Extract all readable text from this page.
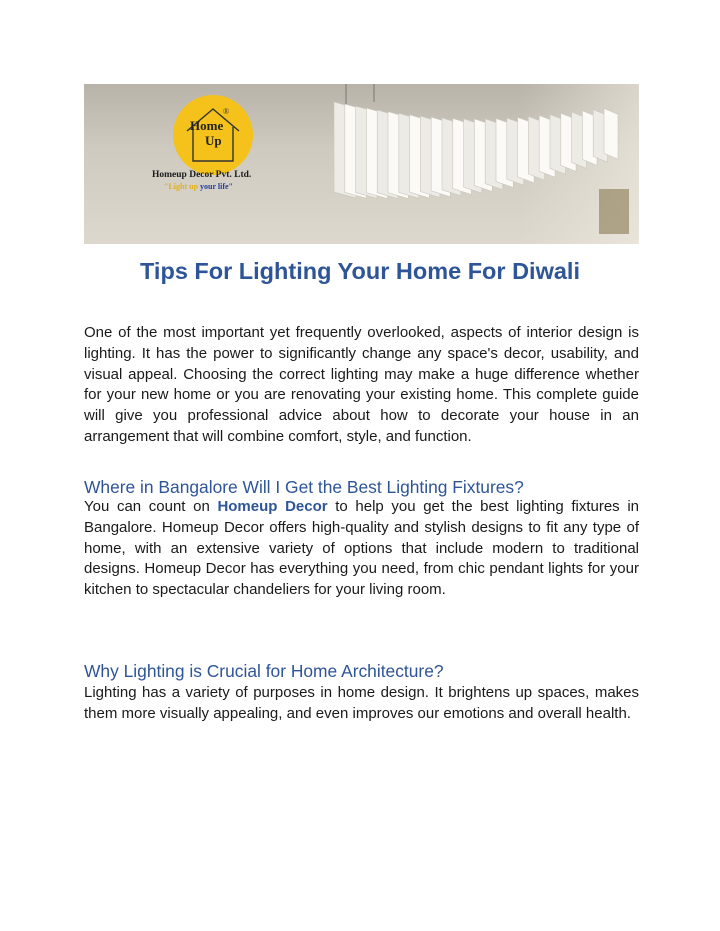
®
Home
Up
Homeup Decor Pvt. Ltd.
"Light up your life"
Tips For Lighting Your Home For Diwali

One of the most important yet frequently overlooked, aspects of interior design is lighting. It has the power to significantly change any space's decor, usability, and visual appeal. Choosing the correct lighting may make a huge difference whether for your new home or you are renovating your existing home. This complete guide will give you professional advice about how to decorate your house in an arrangement that will combine comfort, style, and function.

Where in Bangalore Will I Get the Best Lighting Fixtures?

You can count on Homeup Decor to help you get the best lighting fixtures in Bangalore. Homeup Decor offers high-quality and stylish designs to fit any type of home, with an extensive variety of options that include modern to traditional designs. Homeup Decor has everything you need, from chic pendant lights for your kitchen to spectacular chandeliers for your living room.

Why Lighting is Crucial for Home Architecture?

Lighting has a variety of purposes in home design. It brightens up spaces, makes them more visually appealing, and even improves our emotions and overall health.
